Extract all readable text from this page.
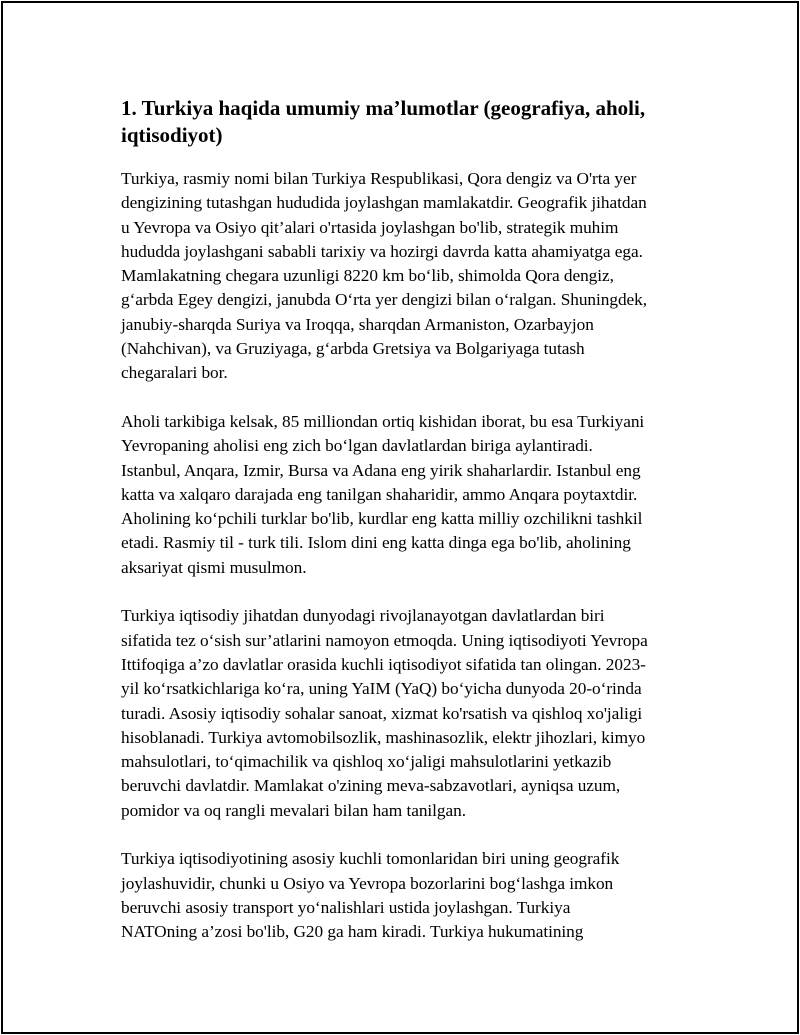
1. Turkiya haqida umumiy ma’lumotlar (geografiya, aholi,
iqtisodiyot)

Turkiya, rasmiy nomi bilan Turkiya Respublikasi, Qora dengiz va O'rta yer
dengizining tutashgan hududida joylashgan mamlakatdir. Geografik jihatdan
u Yevropa va Osiyo qit’alari o'rtasida joylashgan bo'lib, strategik muhim
hududda joylashgani sababli tarixiy va hozirgi davrda katta ahamiyatga ega.
Mamlakatning chegara uzunligi 8220 km bo‘lib, shimolda Qora dengiz,
g‘arbda Egey dengizi, janubda O‘rta yer dengizi bilan o‘ralgan. Shuningdek,
janubiy-sharqda Suriya va Iroqqa, sharqdan Armaniston, Ozarbayjon
(Nahchivan), va Gruziyaga, g‘arbda Gretsiya va Bolgariyaga tutash
chegaralari bor.

Aholi tarkibiga kelsak, 85 milliondan ortiq kishidan iborat, bu esa Turkiyani
Yevropaning aholisi eng zich bo‘lgan davlatlardan biriga aylantiradi.
Istanbul, Anqara, Izmir, Bursa va Adana eng yirik shaharlardir. Istanbul eng
katta va xalqaro darajada eng tanilgan shaharidir, ammo Anqara poytaxtdir.
Aholining ko‘pchili turklar bo'lib, kurdlar eng katta milliy ozchilikni tashkil
etadi. Rasmiy til - turk tili. Islom dini eng katta dinga ega bo'lib, aholining
aksariyat qismi musulmon.

Turkiya iqtisodiy jihatdan dunyodagi rivojlanayotgan davlatlardan biri
sifatida tez o‘sish sur’atlarini namoyon etmoqda. Uning iqtisodiyoti Yevropa
Ittifoqiga a’zo davlatlar orasida kuchli iqtisodiyot sifatida tan olingan. 2023-
yil ko‘rsatkichlariga ko‘ra, uning YaIM (YaQ) bo‘yicha dunyoda 20-o‘rinda
turadi. Asosiy iqtisodiy sohalar sanoat, xizmat ko'rsatish va qishloq xo'jaligi
hisoblanadi. Turkiya avtomobilsozlik, mashinasozlik, elektr jihozlari, kimyo
mahsulotlari, to‘qimachilik va qishloq xo‘jaligi mahsulotlarini yetkazib
beruvchi davlatdir. Mamlakat o'zining meva-sabzavotlari, ayniqsa uzum,
pomidor va oq rangli mevalari bilan ham tanilgan.

Turkiya iqtisodiyotining asosiy kuchli tomonlaridan biri uning geografik
joylashuvidir, chunki u Osiyo va Yevropa bozorlarini bog‘lashga imkon
beruvchi asosiy transport yo‘nalishlari ustida joylashgan. Turkiya
NATOning a’zosi bo'lib, G20 ga ham kiradi. Turkiya hukumatining
